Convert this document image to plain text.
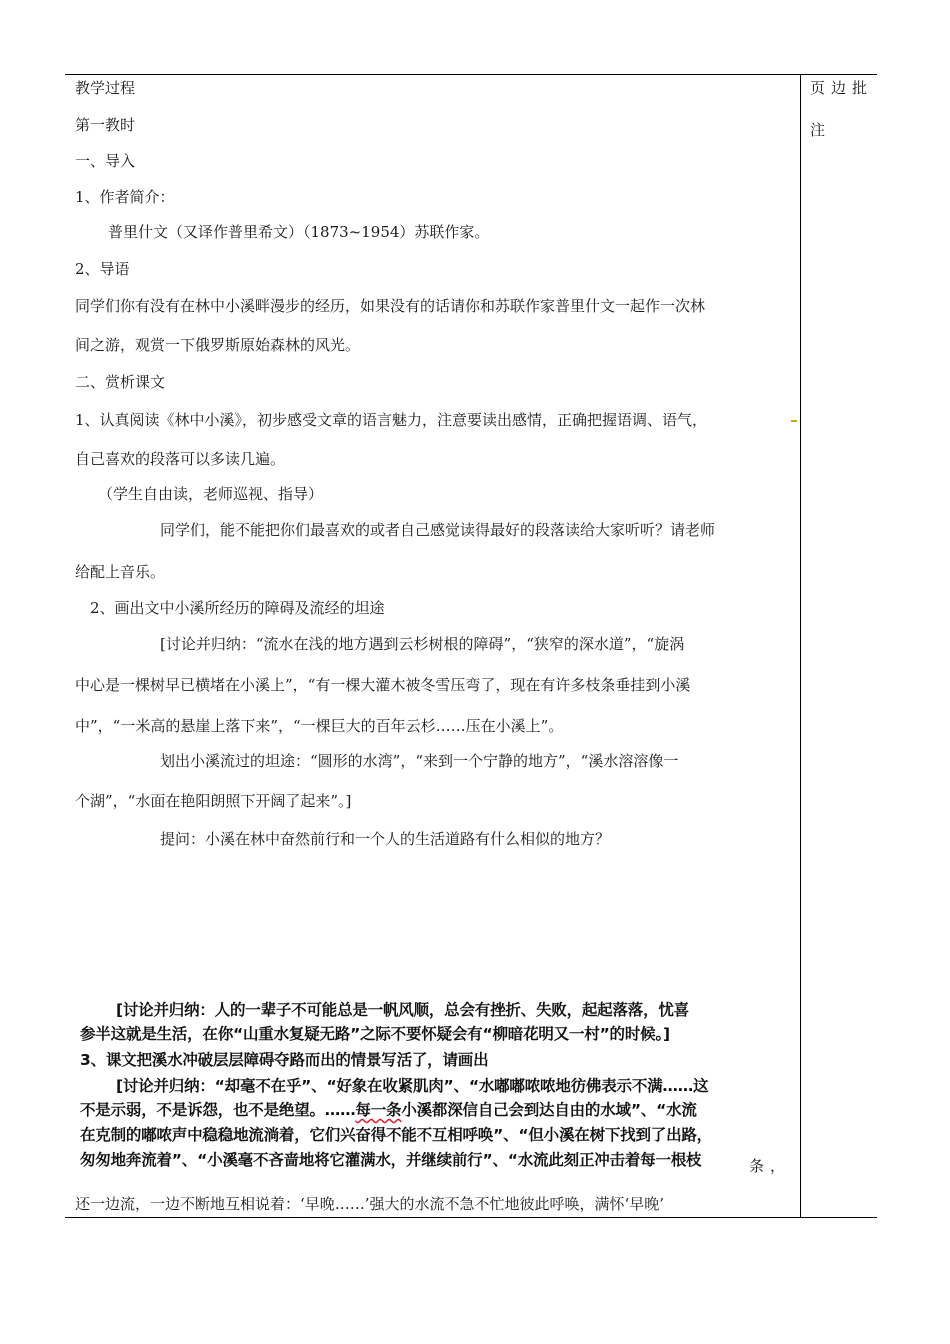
教学过程	页边批
注
第一教时
一、导入
1、作者简介：
普里什文（又译作普里希文）（1873~1954）苏联作家。
2、导语
同学们你有没有在林中小溪畔漫步的经历，如果没有的话请你和苏联作家普里什文一起作一次林
间之游，观赏一下俄罗斯原始森林的风光。
二、赏析课文
1、认真阅读《林中小溪》，初步感受文章的语言魅力，注意要读出感情，正确把握语调、语气，
自己喜欢的段落可以多读几遍。
（学生自由读，老师巡视、指导）
同学们，能不能把你们最喜欢的或者自己感觉读得最好的段落读给大家听听？请老师
给配上音乐。
2、画出文中小溪所经历的障碍及流经的坦途
[讨论并归纳：“流水在浅的地方遇到云杉树根的障碍”，“狭窄的深水道”，“旋涡
中心是一棵树早已横堵在小溪上”，“有一棵大灌木被冬雪压弯了，现在有许多枝条垂挂到小溪
中”，“一米高的悬崖上落下来”，“一棵巨大的百年云杉……压在小溪上”。
划出小溪流过的坦途：“圆形的水湾”，“来到一个宁静的地方”，“溪水溶溶像一
个湖”，“水面在艳阳朗照下开阔了起来”。]
提问：小溪在林中奋然前行和一个人的生活道路有什么相似的地方？
[讨论并归纳：人的一辈子不可能总是一帆风顺，总会有挫折、失败，起起落落，忧喜
参半这就是生活，在你“山重水复疑无路”之际不要怀疑会有“柳暗花明又一村”的时候。]
3、课文把溪水冲破层层障碍夺路而出的情景写活了，请画出
[讨论并归纳：“却毫不在乎”、“好象在收紧肌肉”、“水嘟嘟哝哝地彷佛表示不满……这
不是示弱，不是诉怨，也不是绝望。……每一条小溪都深信自己会到达自由的水域”、“水流
在克制的嘟哝声中稳稳地流淌着，它们兴奋得不能不互相呼唤”、“但小溪在树下找到了出路，
匆匆地奔流着”、“小溪毫不吝啬地将它灌满水，并继续前行”、“水流此刻正冲击着每一根枝	条，
还一边流，一边不断地互相说着：‘早晚……’强大的水流不急不忙地彼此呼唤，满怀‘早晚’
